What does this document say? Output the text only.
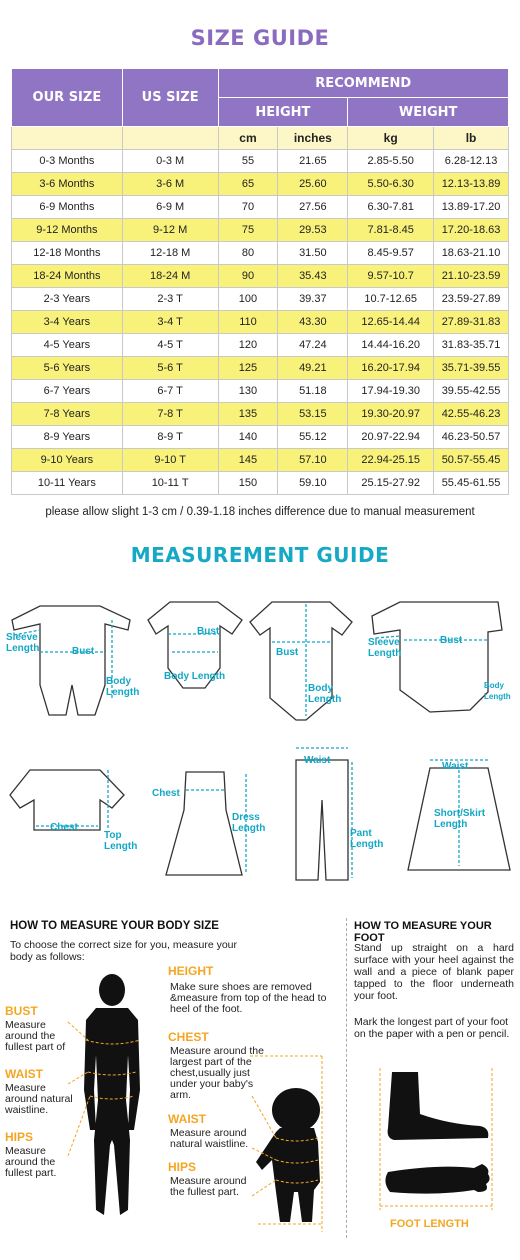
SIZE GUIDE
OUR SIZE	US SIZE	RECOMMEND			
		HEIGHT		WEIGHT	
		cm	inches	kg	lb
0-3 Months	0-3 M	55	21.65	2.85-5.50	6.28-12.13
3-6 Months	3-6 M	65	25.60	5.50-6.30	12.13-13.89
6-9 Months	6-9 M	70	27.56	6.30-7.81	13.89-17.20
9-12 Months	9-12 M	75	29.53	7.81-8.45	17.20-18.63
12-18 Months	12-18 M	80	31.50	8.45-9.57	18.63-21.10
18-24 Months	18-24 M	90	35.43	9.57-10.7	21.10-23.59
2-3 Years	2-3 T	100	39.37	10.7-12.65	23.59-27.89
3-4 Years	3-4 T	110	43.30	12.65-14.44	27.89-31.83
4-5 Years	4-5 T	120	47.24	14.44-16.20	31.83-35.71
5-6 Years	5-6 T	125	49.21	16.20-17.94	35.71-39.55
6-7 Years	6-7 T	130	51.18	17.94-19.30	39.55-42.55
7-8 Years	7-8 T	135	53.15	19.30-20.97	42.55-46.23
8-9 Years	8-9 T	140	55.12	20.97-22.94	46.23-50.57
9-10 Years	9-10 T	145	57.10	22.94-25.15	50.57-55.45
10-11 Years	10-11 T	150	59.10	25.15-27.92	55.45-61.55
please allow slight 1-3 cm / 0.39-1.18 inches difference due to manual measurement
MEASUREMENT GUIDE
Sleeve Length	Bust
Body Length
Bust
Body Length
Bust
Body Length
Sleeve Length
Bust
Body Length
Chest
Top Length
Chest
Dress Length
Waist
Pant Length
Waist
Short/Skirt Length
HOW TO MEASURE YOUR BODY SIZE
To choose the correct size for you, measure your body as follows:
BUST
Measure around the fullest part of
WAIST
Measure around natural waistline.
HIPS
Measure around the fullest part.
HEIGHT
Make sure shoes are removed &measure from top of the head to heel of the foot.
CHEST
Measure around the largest part of the chest,usually just under your baby's arm.
WAIST
Measure around natural waistline.
HIPS
Measure around the fullest part.
HOW TO MEASURE YOUR FOOT
Stand up straight on a hard surface with your heel against the wall and a piece of blank paper tapped to the floor underneath your foot.
Mark the longest part of your foot on the paper with a pen or pencil.
FOOT LENGTH
